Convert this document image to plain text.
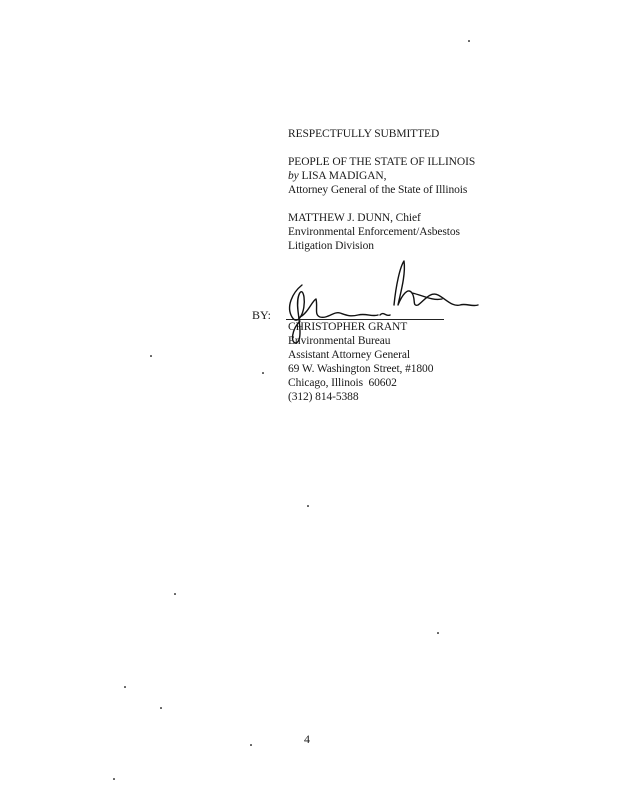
RESPECTFULLY SUBMITTED
PEOPLE OF THE STATE OF ILLINOIS
by LISA MADIGAN,
Attorney General of the State of Illinois
MATTHEW J. DUNN, Chief
Environmental Enforcement/Asbestos
Litigation Division
BY:
CHRISTOPHER GRANT
Environmental Bureau
Assistant Attorney General
69 W. Washington Street, #1800
Chicago, Illinois  60602
(312) 814-5388
4
